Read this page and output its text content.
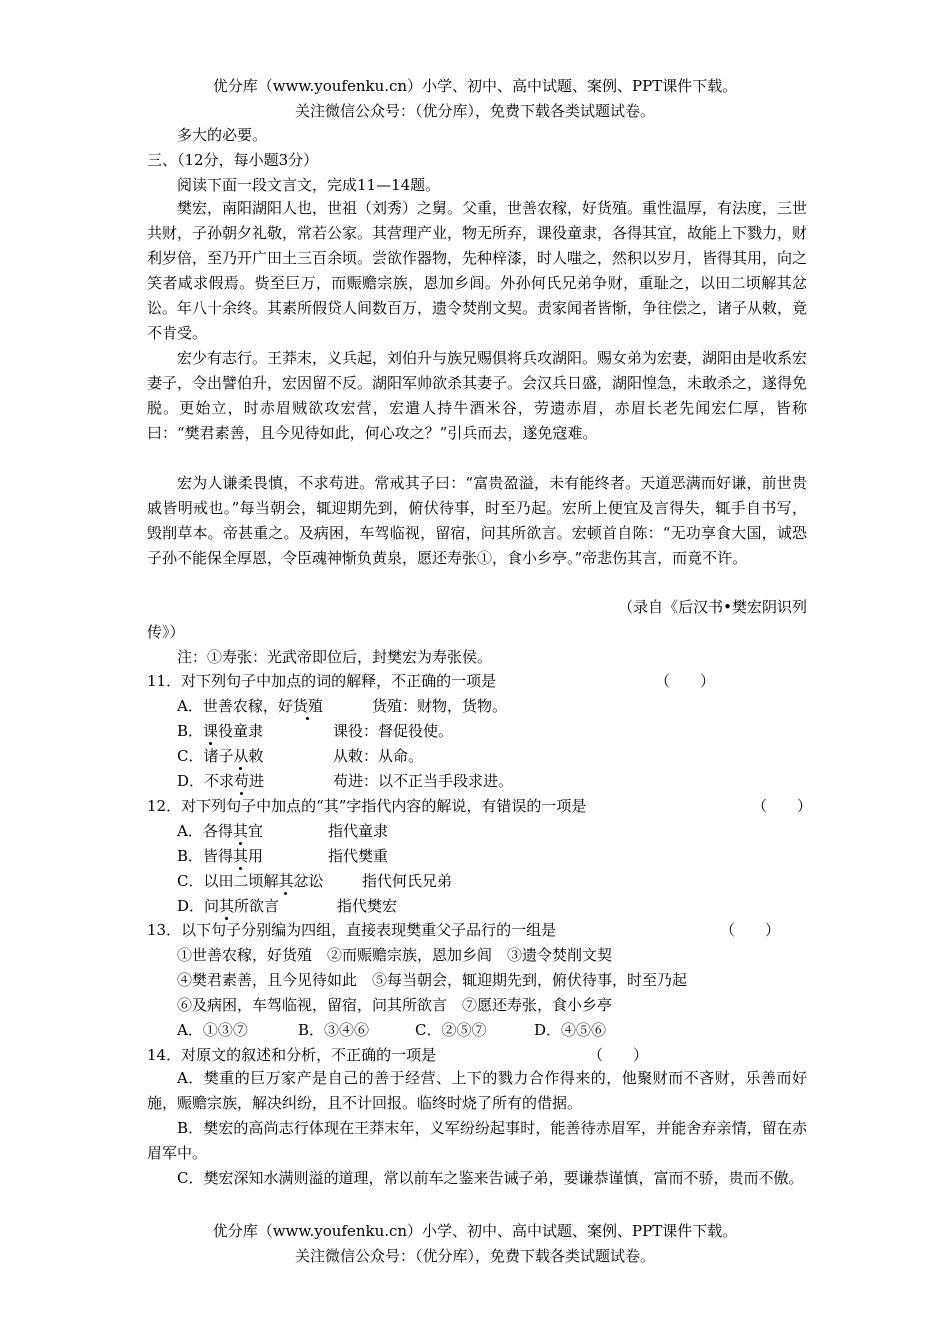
优分库（www.youfenku.cn）小学、初中、高中试题、案例、PPT课件下载。
关注微信公众号：（优分库），免费下载各类试题试卷。
多大的必要。
三、（12分，每小题3分）
阅读下面一段文言文，完成11—14题。
樊宏，南阳湖阳人也，世祖（刘秀）之舅。父重，世善农稼，好货殖。重性温厚，有法度，三世共财，子孙朝夕礼敬，常若公家。其营理产业，物无所弃，课役童隶，各得其宜，故能上下戮力，财利岁倍，至乃开广田土三百余顷。尝欲作器物，先种梓漆，时人嗤之，然积以岁月，皆得其用，向之笑者咸求假焉。赀至巨万，而赈赡宗族，恩加乡闾。外孙何氏兄弟争财，重耻之，以田二顷解其忿讼。年八十余终。其素所假贷人间数百万，遗令焚削文契。责家闻者皆惭，争往偿之，诸子从敕，竟不肯受。
宏少有志行。王莽末，义兵起，刘伯升与族兄赐俱将兵攻湖阳。赐女弟为宏妻，湖阳由是收系宏妻子，令出譬伯升，宏因留不反。湖阳军帅欲杀其妻子。会汉兵日盛，湖阳惶急，未敢杀之，遂得免脱。更始立，时赤眉贼欲攻宏营，宏遣人持牛酒米谷，劳遗赤眉，赤眉长老先闻宏仁厚，皆称曰：“樊君素善，且今见待如此，何心攻之？”引兵而去，遂免寇难。
宏为人谦柔畏慎，不求苟进。常戒其子曰：“富贵盈溢，未有能终者。天道恶满而好谦，前世贵戚皆明戒也。”每当朝会，辄迎期先到，俯伏待事，时至乃起。宏所上便宜及言得失，辄手自书写，毁削草本。帝甚重之。及病困，车驾临视，留宿，问其所欲言。宏顿首自陈：“无功享食大国，诚恐子孙不能保全厚恩，令臣魂神惭负黄泉，愿还寿张①，食小乡亭。”帝悲伤其言，而竟不许。
（录自《后汉书•樊宏阴识列
传》）
注：①寿张：光武帝即位后，封樊宏为寿张侯。
11．对下列句子中加点的词的解释，不正确的一项是	（　　）
A．世善农稼，好货殖	货殖：财物，货物。
B．课役童隶	课役：督促役使。
C．诸子从敕	从敕：从命。
D．不求苟进	苟进：以不正当手段求进。
12．对下列句子中加点的“其”字指代内容的解说，有错误的一项是	（　　）
A．各得其宜	指代童隶
B．皆得其用	指代樊重
C．以田二顷解其忿讼	指代何氏兄弟
D．问其所欲言	指代樊宏
13．以下句子分别编为四组，直接表现樊重父子品行的一组是	（　　）
①世善农稼，好货殖　②而赈赡宗族，恩加乡闾　③遗令焚削文契
④樊君素善，且今见待如此　⑤每当朝会，辄迎期先到，俯伏待事，时至乃起
⑥及病困，车驾临视，留宿，问其所欲言　⑦愿还寿张，食小乡亭
A．①③⑦	B．③④⑥	C．②⑤⑦	D．④⑤⑥
14．对原文的叙述和分析，不正确的一项是	（　　）
A．樊重的巨万家产是自己的善于经营、上下的戮力合作得来的，他聚财而不吝财，乐善而好施，赈赡宗族，解决纠纷，且不计回报。临终时烧了所有的借据。
B．樊宏的高尚志行体现在王莽末年，义军纷纷起事时，能善待赤眉军，并能舍弃亲情，留在赤眉军中。
C．樊宏深知水满则溢的道理，常以前车之鉴来告诫子弟，要谦恭谨慎，富而不骄，贵而不傲。
优分库（www.youfenku.cn）小学、初中、高中试题、案例、PPT课件下载。
关注微信公众号：（优分库），免费下载各类试题试卷。
